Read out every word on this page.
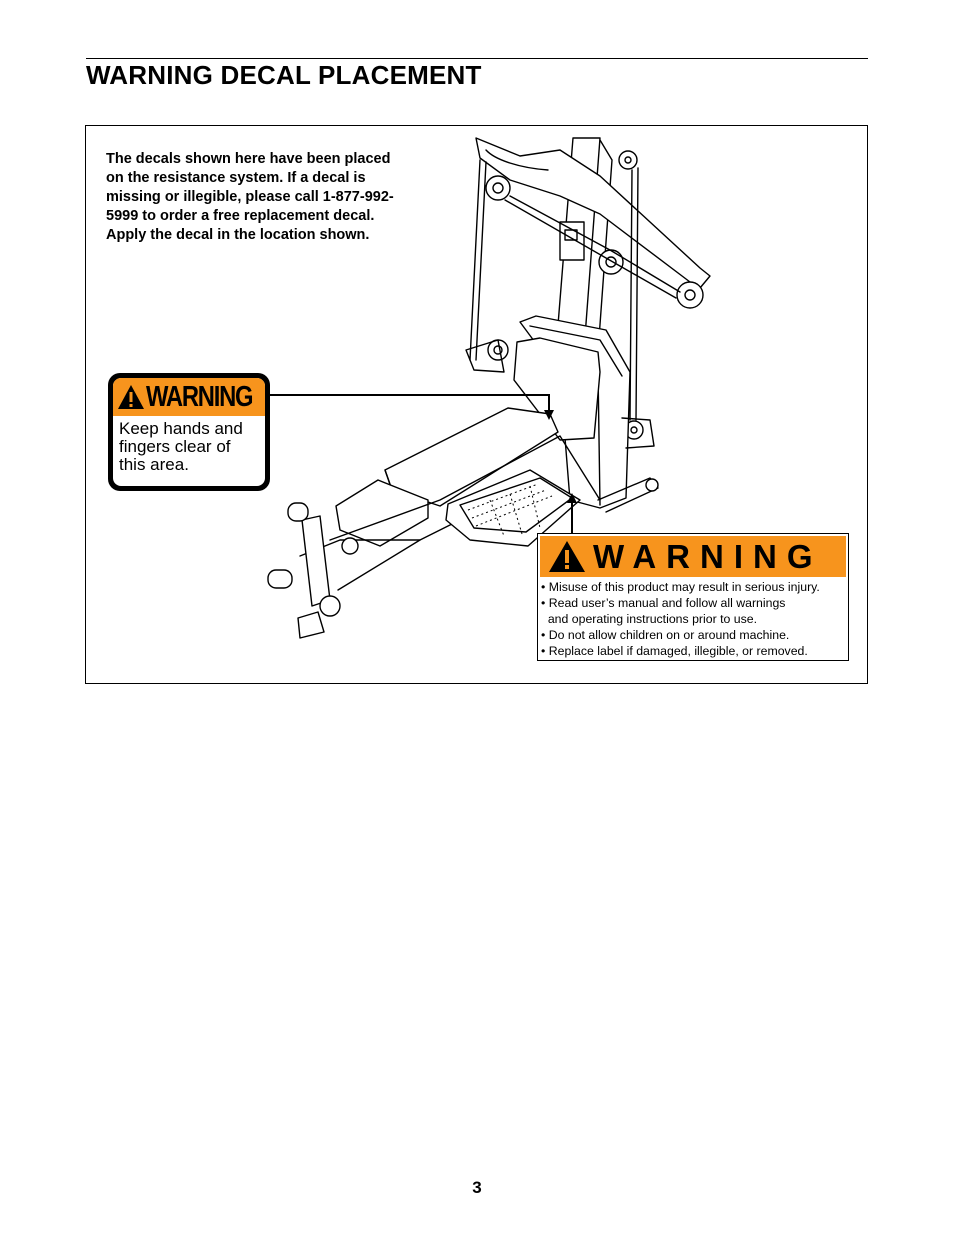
WARNING DECAL PLACEMENT

The decals shown here have been placed on the resistance system. If a decal is missing or illegible, please call 1-877-992-5999 to order a free replacement decal. Apply the decal in the location shown.

WARNING
Keep hands and fingers clear of this area.
WARNING
• Misuse of this product may result in serious injury.
• Read user’s manual and follow all warnings
and operating instructions prior to use.
• Do not allow children on or around machine.
• Replace label if damaged, illegible, or removed.
3
